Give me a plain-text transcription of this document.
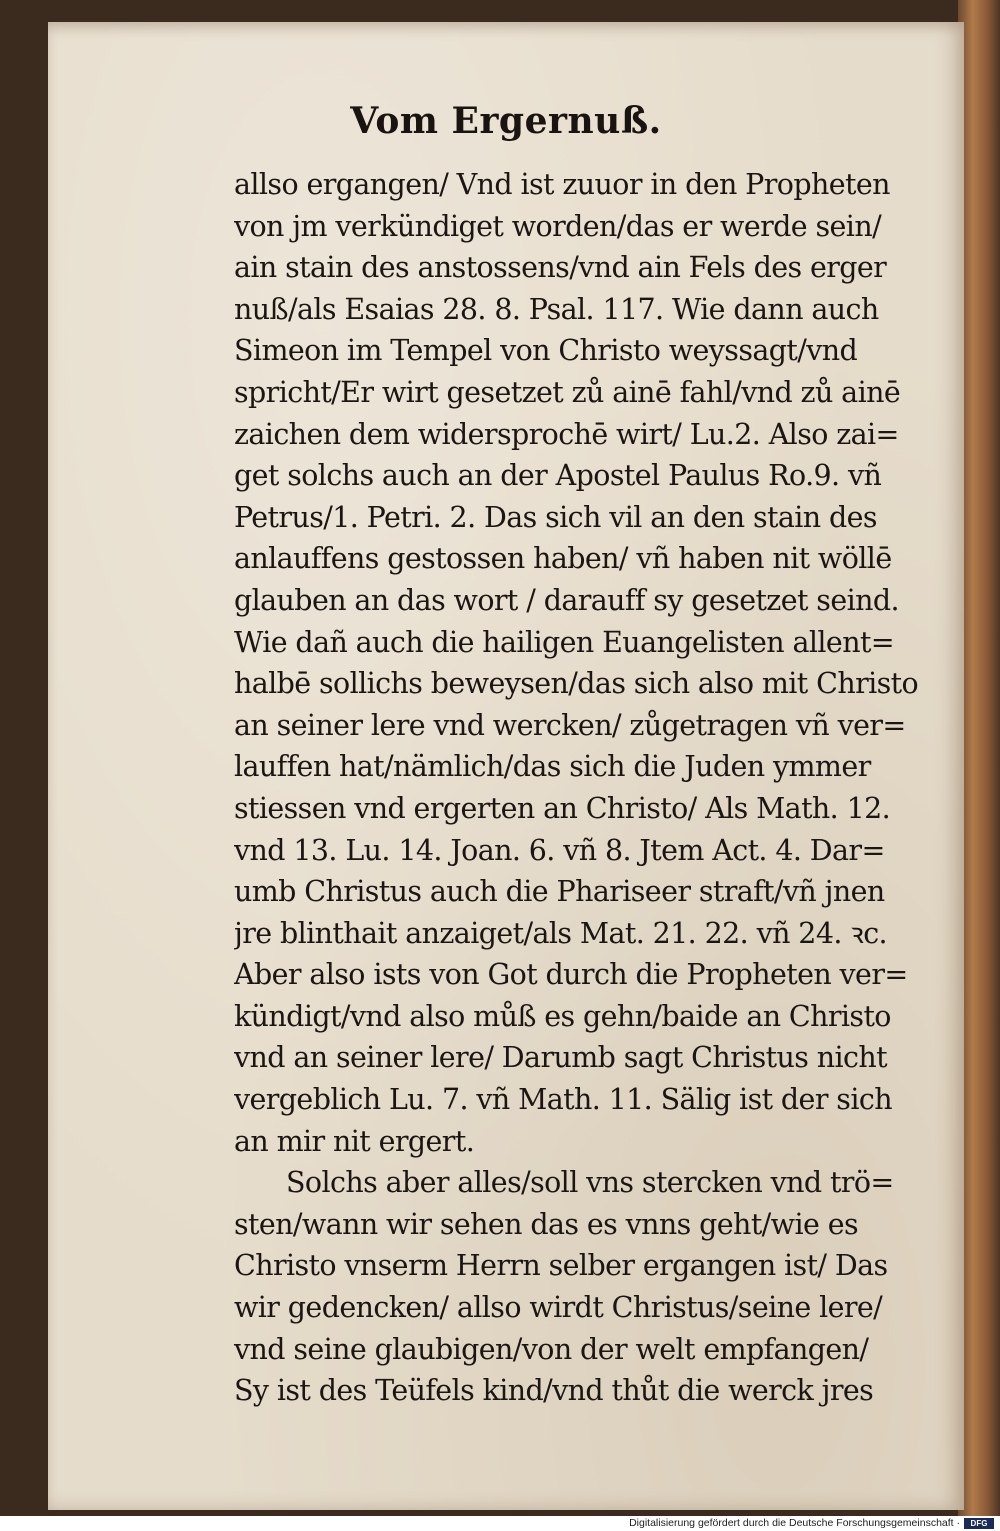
Vom Ergernuß.
allso ergangen/ Vnd ist zuuor in den Propheten
von jm verkündiget worden/das er werde sein/
ain stain des anstossens/vnd ain Fels des erger
nuß/als Esaias 28. 8. Psal. 117. Wie dann auch
Simeon im Tempel von Christo weyssagt/vnd
spricht/Er wirt gesetzet zů ainē fahl/vnd zů ainē
zaichen dem widersprochē wirt/ Lu.2. Also zai=
get solchs auch an der Apostel Paulus Ro.9. vñ
Petrus/1. Petri. 2. Das sich vil an den stain des
anlauffens gestossen haben/ vñ haben nit wöllē
glauben an das wort / darauff sy gesetzet seind.
Wie dañ auch die hailigen Euangelisten allent=
halbē sollichs beweysen/das sich also mit Christo
an seiner lere vnd wercken/ zůgetragen vñ ver=
lauffen hat/nämlich/das sich die Juden ymmer
stiessen vnd ergerten an Christo/ Als Math. 12.
vnd 13. Lu. 14. Joan. 6. vñ 8. Jtem Act. 4. Dar=
umb Christus auch die Phariseer straft/vñ jnen
jre blinthait anzaiget/als Mat. 21. 22. vñ 24. ꝛc.
Aber also ists von Got durch die Propheten ver=
kündigt/vnd also můß es gehn/baide an Christo
vnd an seiner lere/ Darumb sagt Christus nicht
vergeblich Lu. 7. vñ Math. 11. Sälig ist der sich
an mir nit ergert.
Solchs aber alles/soll vns stercken vnd trö=
sten/wann wir sehen das es vnns geht/wie es
Christo vnserm Herrn selber ergangen ist/ Das
wir gedencken/ allso wirdt Christus/seine lere/
vnd seine glaubigen/von der welt empfangen/
Sy ist des Teüfels kind/vnd thůt die werck jres
Digitalisierung gefördert durch die Deutsche Forschungsgemeinschaft ·	DFG
